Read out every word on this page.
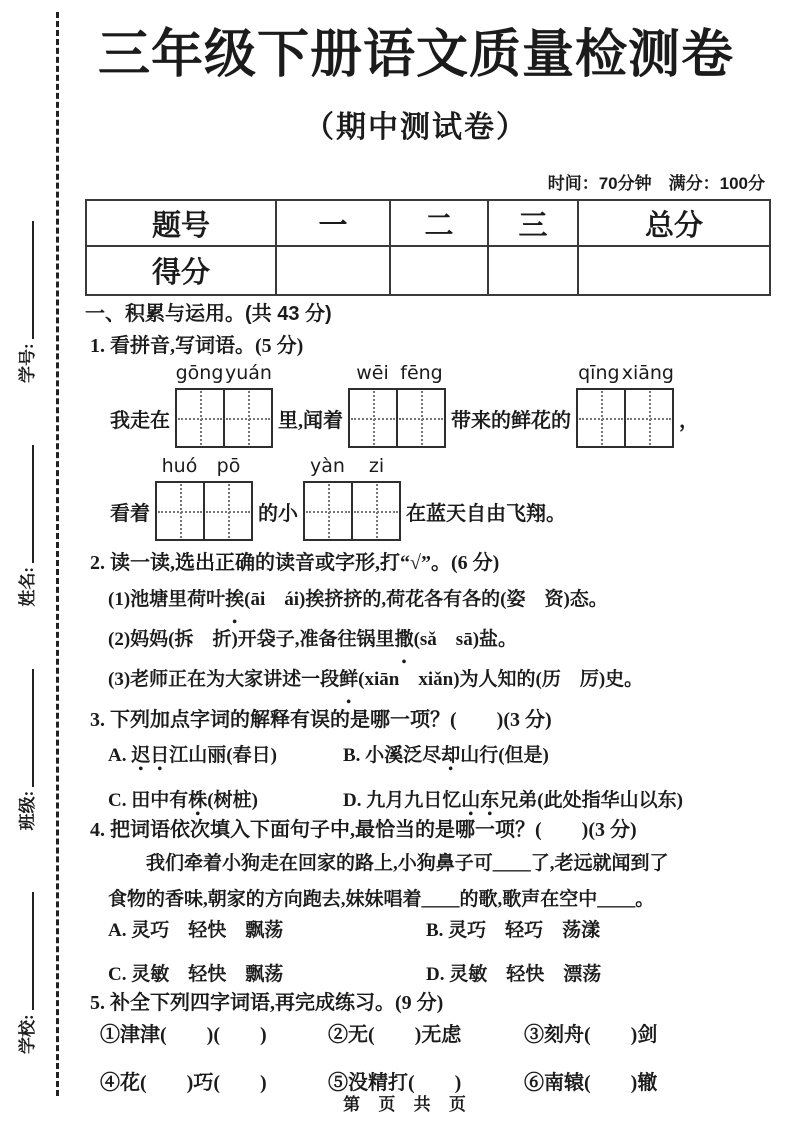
学校:
班级:
姓名:
学号:
三年级下册语文质量检测卷
（期中测试卷）
时间：70分钟　满分：100分
题号	一	二	三	总分
得分				
一、积累与运用。(共 43 分)
1. 看拼音,写词语。(5 分)
我走在
gōng yuán
里,闻着
wēi fēng
带来的鲜花的
qīng xiāng
，
看着
huó	pō
的小
yàn	zi
在蓝天自由飞翔。
2. 读一读,选出正确的读音或字形,打“√”。(6 分)
(1)池塘里荷叶挨(āi　ái)挨挤挤的,荷花各有各的(姿　资)态。
(2)妈妈(拆　折)开袋子,准备往锅里撒(sǎ　sā)盐。
(3)老师正在为大家讲述一段鲜(xiān　xiǎn)为人知的(历　厉)史。
3. 下列加点字词的解释有误的是哪一项？(　　)(3 分)
A. 迟日江山丽(春日)	B. 小溪泛尽却山行(但是)
C. 田中有株(树桩)	D. 九月九日忆山东兄弟(此处指华山以东)
4. 把词语依次填入下面句子中,最恰当的是哪一项？(　　)(3 分)
我们牵着小狗走在回家的路上,小狗鼻子可____了,老远就闻到了
食物的香味,朝家的方向跑去,妹妹唱着____的歌,歌声在空中____。
A. 灵巧　轻快　飘荡	B. 灵巧　轻巧　荡漾
C. 灵敏　轻快　飘荡	D. 灵敏　轻快　漂荡
5. 补全下列四字词语,再完成练习。(9 分)
①津津(　　)(　　)	②无(　　)无虑	③刻舟(　　)剑
④花(　　)巧(　　)	⑤没精打(　　)	⑥南辕(　　)辙
第 页 共 页
